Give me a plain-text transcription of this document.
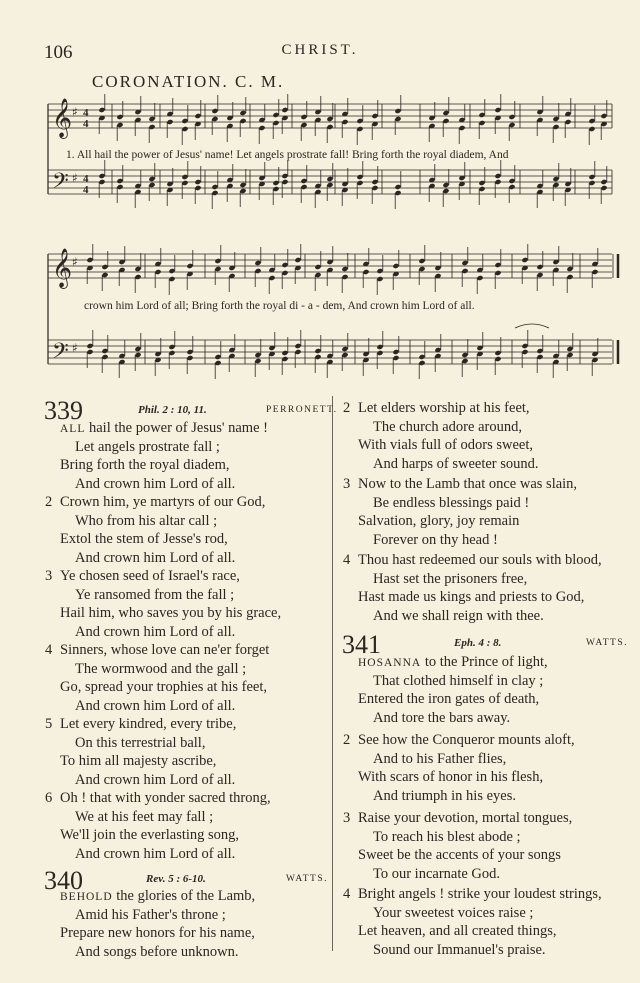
106	CHRIST.
CORONATION. C. M.
𝄞
𝄢
♯
♯
4
4
4
4
1. All hail the power of Jesus' name! Let angels prostrate fall! Bring forth the royal diadem, And
𝄞
𝄢
♯
♯
crown him Lord of all; Bring forth the royal di - a - dem, And crown him Lord of all.
339	Phil. 2 : 10, 11.	PERRONETT.
ALL hail the power of Jesus' name !
Let angels prostrate fall ;
Bring forth the royal diadem,
And crown him Lord of all.
2 Crown him, ye martyrs of our God,
Who from his altar call ;
Extol the stem of Jesse's rod,
And crown him Lord of all.
3 Ye chosen seed of Israel's race,
Ye ransomed from the fall ;
Hail him, who saves you by his grace,
And crown him Lord of all.
4 Sinners, whose love can ne'er forget
The wormwood and the gall ;
Go, spread your trophies at his feet,
And crown him Lord of all.
5 Let every kindred, every tribe,
On this terrestrial ball,
To him all majesty ascribe,
And crown him Lord of all.
6 Oh ! that with yonder sacred throng,
We at his feet may fall ;
We'll join the everlasting song,
And crown him Lord of all.
BEHOLD the glories of the Lamb,
Amid his Father's throne ;
Prepare new honors for his name,
And songs before unknown.
340	Rev. 5 : 6-10.	WATTS.
341	Eph. 4 : 8.	WATTS.
2 Let elders worship at his feet,
The church adore around,
With vials full of odors sweet,
And harps of sweeter sound.
3 Now to the Lamb that once was slain,
Be endless blessings paid !
Salvation, glory, joy remain
Forever on thy head !
4 Thou hast redeemed our souls with blood,
Hast set the prisoners free,
Hast made us kings and priests to God,
And we shall reign with thee.
HOSANNA to the Prince of light,
That clothed himself in clay ;
Entered the iron gates of death,
And tore the bars away.
2 See how the Conqueror mounts aloft,
And to his Father flies,
With scars of honor in his flesh,
And triumph in his eyes.
3 Raise your devotion, mortal tongues,
To reach his blest abode ;
Sweet be the accents of your songs
To our incarnate God.
4 Bright angels ! strike your loudest strings,
Your sweetest voices raise ;
Let heaven, and all created things,
Sound our Immanuel's praise.
